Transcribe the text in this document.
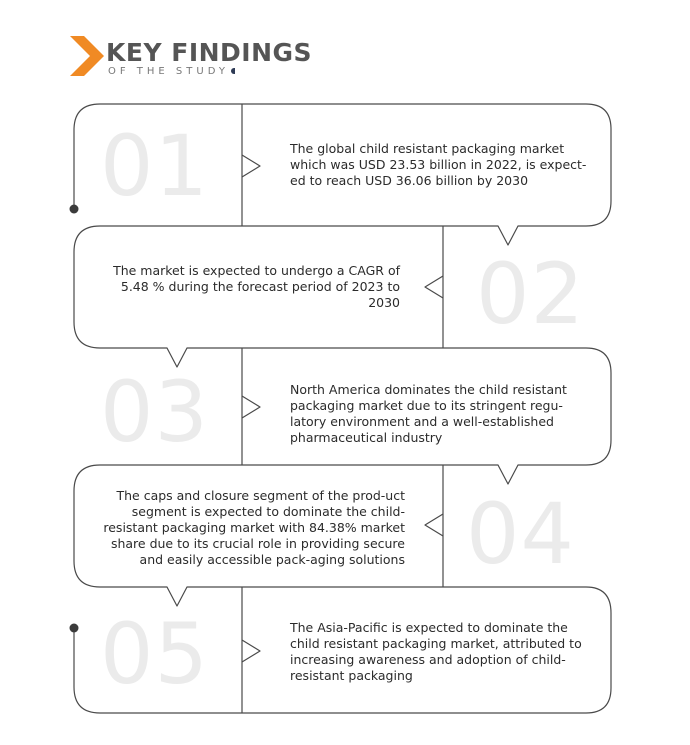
KEY FINDINGS
OF THE STUDY
01	The global child resistant packaging market which was USD 23.53 billion in 2022, is expect-ed to reach USD 36.06 billion by 2030
02
The market is expected to undergo a CAGR of 5.48 % during the forecast period of 2023 to 2030
03	North America dominates the child resistant packaging market due to its stringent regu-latory environment and a well-established pharmaceutical industry
04
The caps and closure segment of the prod-uct segment is expected to dominate the child-resistant packaging market with 84.38% market share due to its crucial role in providing secure and easily accessible pack-aging solutions
05	The Asia-Pacific is expected to dominate the child resistant packaging market, attributed to increasing awareness and adoption of child-resistant packaging
